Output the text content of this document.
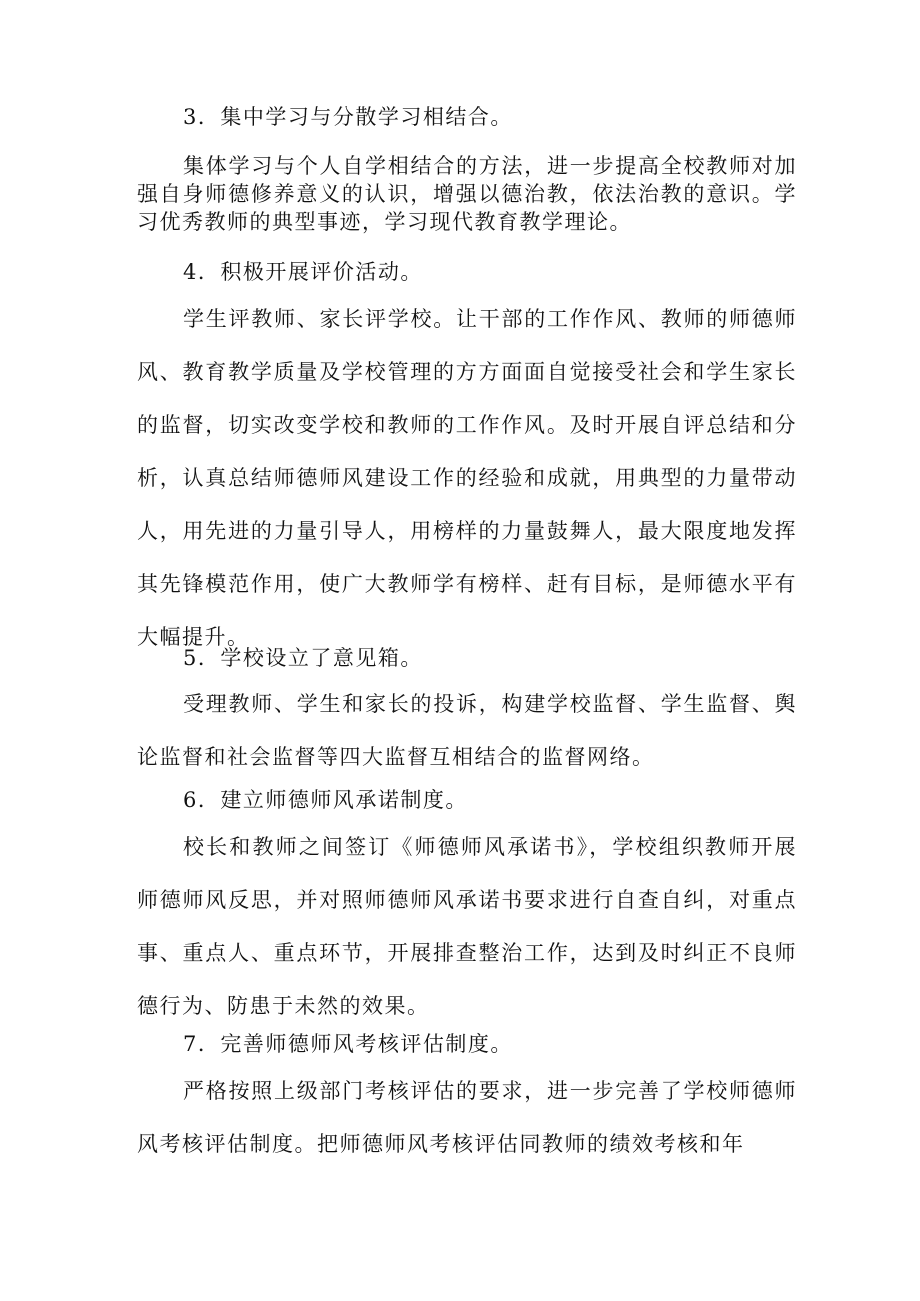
3．集中学习与分散学习相结合。

集体学习与个人自学相结合的方法，进一步提高全校教师对加强自身师德修养意义的认识，增强以德治教，依法治教的意识。学习优秀教师的典型事迹，学习现代教育教学理论。

4．积极开展评价活动。

学生评教师、家长评学校。让干部的工作作风、教师的师德师风、教育教学质量及学校管理的方方面面自觉接受社会和学生家长的监督，切实改变学校和教师的工作作风。及时开展自评总结和分析，认真总结师德师风建设工作的经验和成就，用典型的力量带动人，用先进的力量引导人，用榜样的力量鼓舞人，最大限度地发挥其先锋模范作用，使广大教师学有榜样、赶有目标，是师德水平有大幅提升。

5．学校设立了意见箱。

受理教师、学生和家长的投诉，构建学校监督、学生监督、舆论监督和社会监督等四大监督互相结合的监督网络。

6．建立师德师风承诺制度。

校长和教师之间签订《师德师风承诺书》，学校组织教师开展师德师风反思，并对照师德师风承诺书要求进行自查自纠，对重点事、重点人、重点环节，开展排查整治工作，达到及时纠正不良师德行为、防患于未然的效果。

7．完善师德师风考核评估制度。

严格按照上级部门考核评估的要求，进一步完善了学校师德师风考核评估制度。把师德师风考核评估同教师的绩效考核和年
